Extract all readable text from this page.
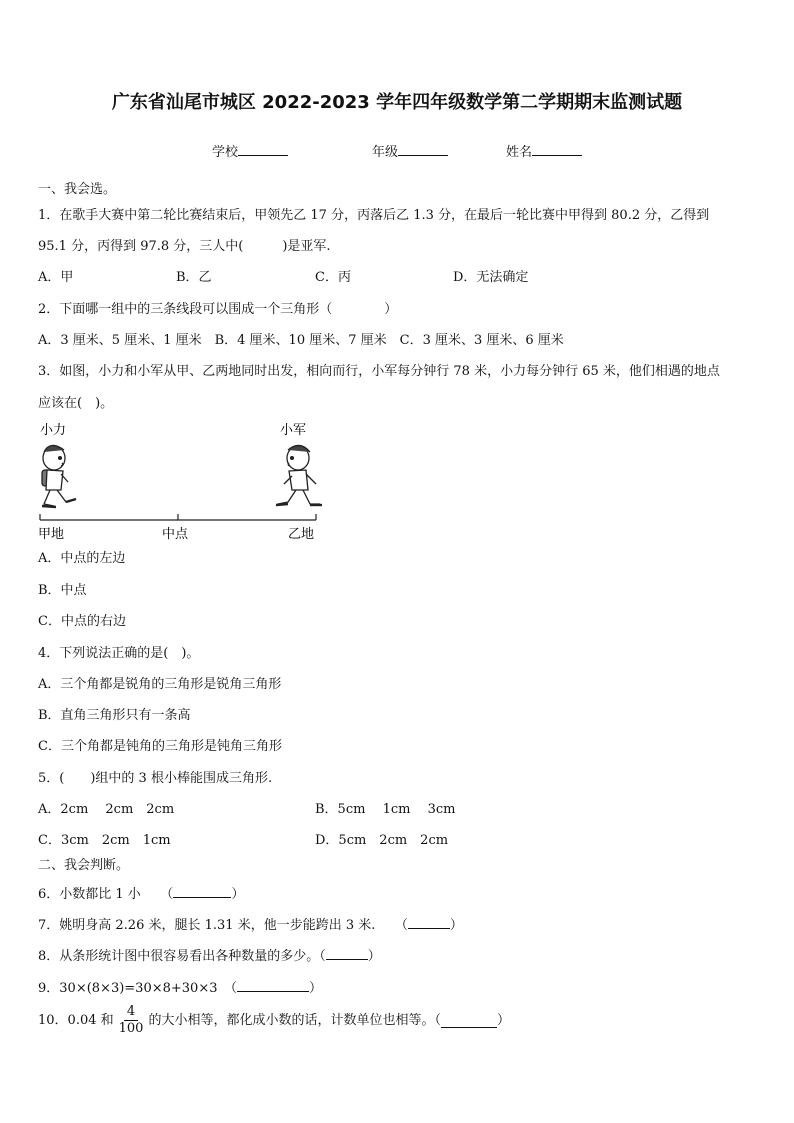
广东省汕尾市城区 2022-2023 学年四年级数学第二学期期末监测试题
学校	年级	姓名
一、我会选。
1．在歌手大赛中第二轮比赛结束后，甲领先乙 17 分，丙落后乙 1.3 分，在最后一轮比赛中甲得到 80.2 分，乙得到
95.1 分，丙得到 97.8 分，三人中(　　　)是亚军.
A．甲	B．乙	C．丙	D．无法确定
2．下面哪一组中的三条线段可以围成一个三角形（　　　　）
A．3 厘米、5 厘米、1 厘米　B．4 厘米、10 厘米、7 厘米　C．3 厘米、3 厘米、6 厘米
3．如图，小力和小军从甲、乙两地同时出发，相向而行，小军每分钟行 78 米，小力每分钟行 65 米，他们相遇的地点
应该在(　)。
小力	小军
甲地	中点	乙地
A．中点的左边
B．中点
C．中点的右边
4．下列说法正确的是(　)。
A．三个角都是锐角的三角形是锐角三角形
B．直角三角形只有一条高
C．三个角都是钝角的三角形是钝角三角形
5．(　　)组中的 3 根小棒能围成三角形.
A．2cm　 2cm　2cm	B．5cm　 1cm　 3cm
C．3cm　2cm　1cm	D．5cm　2cm　2cm
二、我会判断。
6．小数都比 1 小　　（	）
7．姚明身高 2.26 米，腿长 1.31 米，他一步能跨出 3 米.　　（	）
8．从条形统计图中很容易看出各种数量的多少。（	）
9．30×(8×3)=30×8+30×3　（	）
10．0.04 和 $\frac{4}{100}$ 的大小相等，都化成小数的话，计数单位也相等。（	）
